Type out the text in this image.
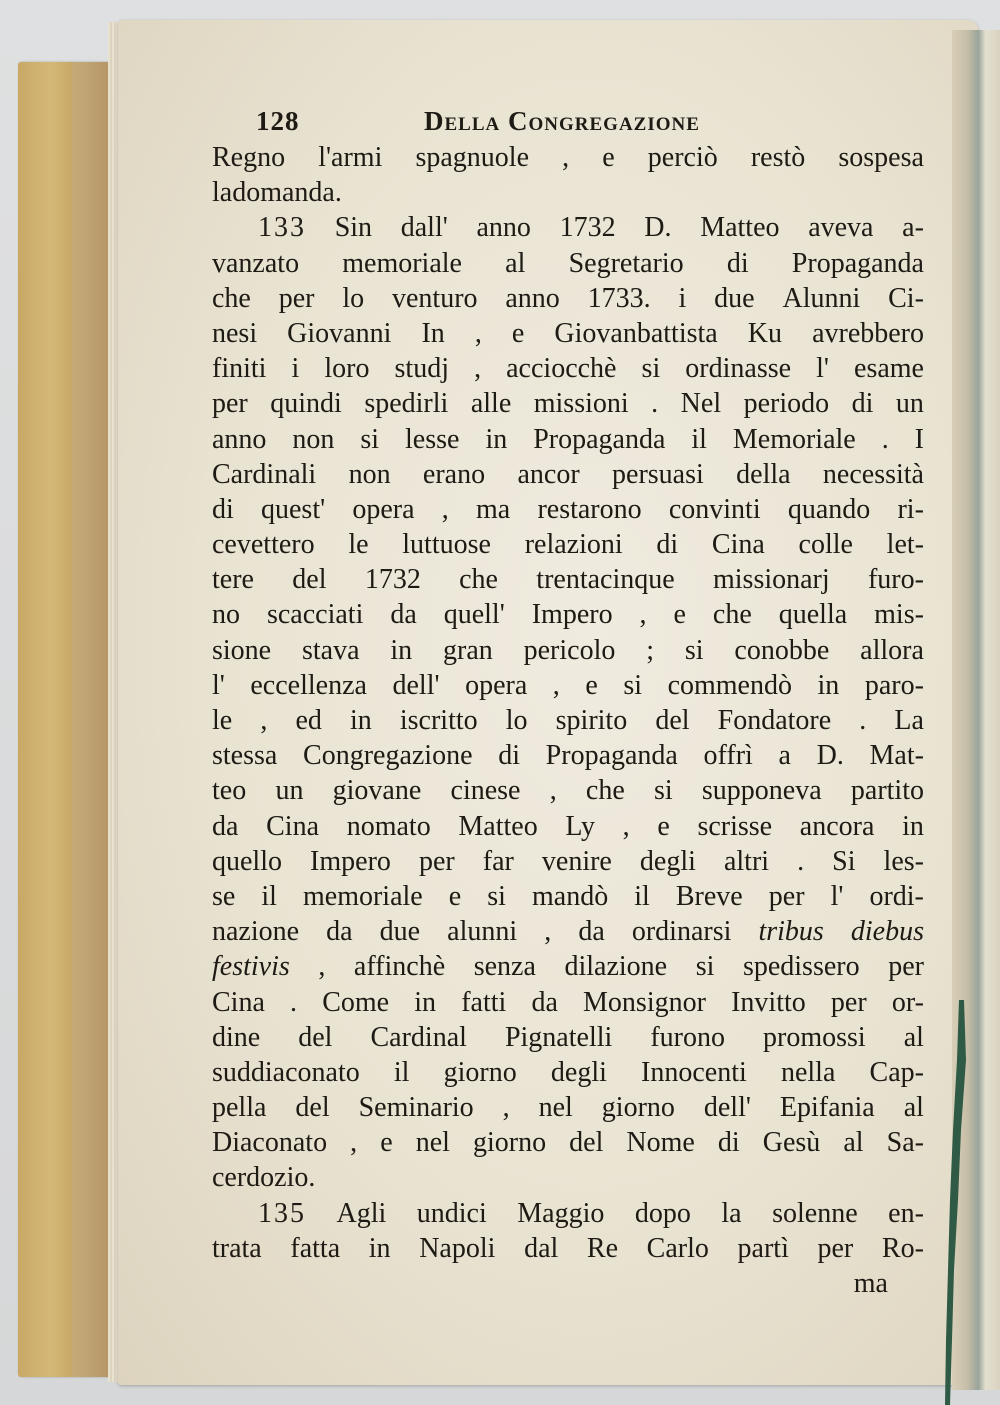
128	Della Congregazione
Regno l'armi spagnuole , e perciò restò sospesa
la domanda .
133 Sin dall' anno 1732 D. Matteo aveva a-
vanzato memoriale al Segretario di Propaganda
che per lo venturo anno 1733. i due Alunni Ci-
nesi Giovanni In , e Giovanbattista Ku avrebbero
finiti i loro studj , acciocchè si ordinasse l' esame
per quindi spedirli alle missioni . Nel periodo di un
anno non si lesse in Propaganda il Memoriale . I
Cardinali non erano ancor persuasi della necessità
di quest' opera , ma restarono convinti quando ri-
cevettero le luttuose relazioni di Cina colle let-
tere del 1732 che trentacinque missionarj furo-
no scacciati da quell' Impero , e che quella mis-
sione stava in gran pericolo ; si conobbe allora
l' eccellenza dell' opera , e si commendò in paro-
le , ed in iscritto lo spirito del Fondatore . La
stessa Congregazione di Propaganda offrì a D. Mat-
teo un giovane cinese , che si supponeva partito
da Cina nomato Matteo Ly , e scrisse ancora in
quello Impero per far venire degli altri . Si les-
se il memoriale e si mandò il Breve per l' ordi-
nazione da due alunni , da ordinarsi tribus diebus
festivis , affinchè senza dilazione si spedissero per
Cina . Come in fatti da Monsignor Invitto per or-
dine del Cardinal Pignatelli furono promossi al
suddiaconato il giorno degli Innocenti nella Cap-
pella del Seminario , nel giorno dell' Epifania al
Diaconato , e nel giorno del Nome di Gesù al Sa-
cerdozio .
135 Agli undici Maggio dopo la solenne en-
trata fatta in Napoli dal Re Carlo partì per Ro-
ma
